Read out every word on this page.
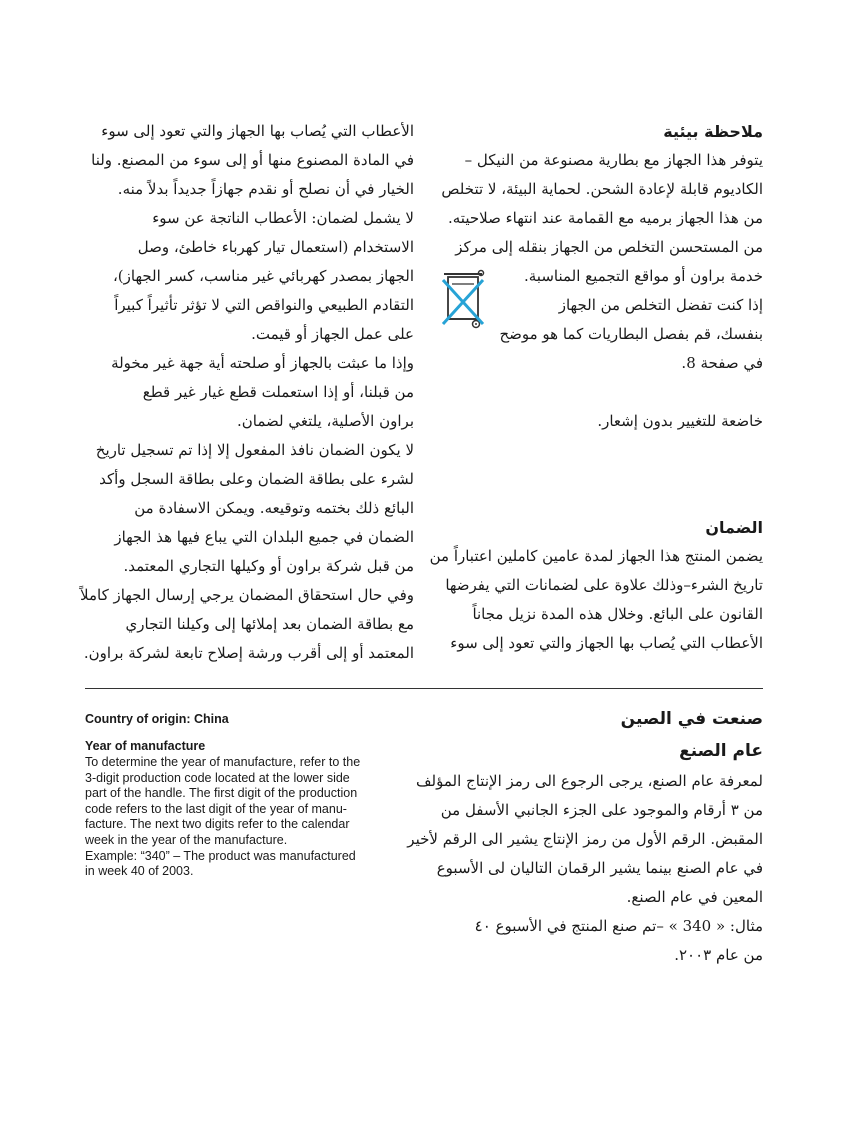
الأعطاب التي يُصاب بها الجهاز والتي تعود إلى سوء

في المادة المصنوع منها أو إلى سوء من المصنع. ولنا

الخيار في أن نصلح أو نقدم جهازاً جديداً بدلاً منه.

لا يشمل لضمان: الأعطاب الناتجة عن سوء

الاستخدام (استعمال تيار كهرباء خاطئ، وصل

الجهاز بمصدر كهربائي غير مناسب، كسر الجهاز)،

التقادم الطبيعي والنواقص التي لا تؤثر تأثيراً كبيراً

على عمل الجهاز أو قيمت.

وإذا ما عبثت بالجهاز أو صلحته أية جهة غير مخولة

من قبلنا، أو إذا استعملت قطع غيار غير قطع

براون الأصلية، يلتغي لضمان.

لا يكون الضمان نافذ المفعول إلا إذا تم تسجيل تاريخ

لشرء على بطاقة الضمان وعلى بطاقة السجل وأكد

البائع ذلك بختمه وتوقيعه. ويمكن الاسفادة من

الضمان في جميع البلدان التي يباع فيها هذ الجهاز

من قبل شركة براون أو وكيلها التجاري المعتمد.

وفي حال استحقاق المضمان يرجي إرسال الجهاز كاملاً

مع بطاقة الضمان بعد إملائها إلى وكيلنا التجاري

المعتمد أو إلى أقرب ورشة إصلاح تابعة لشركة براون.

ملاحظة بيئية

يتوفر هذا الجهاز مع بطارية مصنوعة من النيكل –

الكاديوم قابلة لإعادة الشحن. لحماية البيئة، لا تتخلص

من هذا الجهاز برميه مع القمامة عند انتهاء صلاحيته.

من المستحسن التخلص من الجهاز بنقله إلى مركز

خدمة براون أو مواقع التجميع المناسبة.

إذا كنت تفضل التخلص من الجهاز

بنفسك، قم بفصل البطاريات كما هو موضح

في صفحة 8.

خاضعة للتغيير بدون إشعار.

الضمان

يضمن المنتج هذا الجهاز لمدة عامين كاملين اعتباراً من

تاريخ الشرء–وذلك علاوة على لضمانات التي يفرضها

القانون على البائع. وخلال هذه المدة نزيل مجاناً

الأعطاب التي يُصاب بها الجهاز والتي تعود إلى سوء

Country of origin: China
Year of manufacture

To determine the year of manufacture, refer to the

3-digit production code located at the lower side

part of the handle. The first digit of the production

code refers to the last digit of the year of manu-

facture. The next two digits refer to the calendar

week in the year of the manufacture.

Example: “340” – The product was manufactured

in week 40 of 2003.

صنعت في الصين
عام الصنع

لمعرفة عام الصنع، يرجى الرجوع الى رمز الإنتاج المؤلف

من ٣ أرقام والموجود على الجزء الجانبي الأسفل من

المقبض. الرقم الأول من رمز الإنتاج يشير الى الرقم لأخير

في عام الصنع بينما يشير الرقمان التاليان لى الأسبوع

المعين في عام الصنع.

مثال: « 340 » –تم صنع المنتج في الأسبوع ٤٠

من عام ٢٠٠٣.
